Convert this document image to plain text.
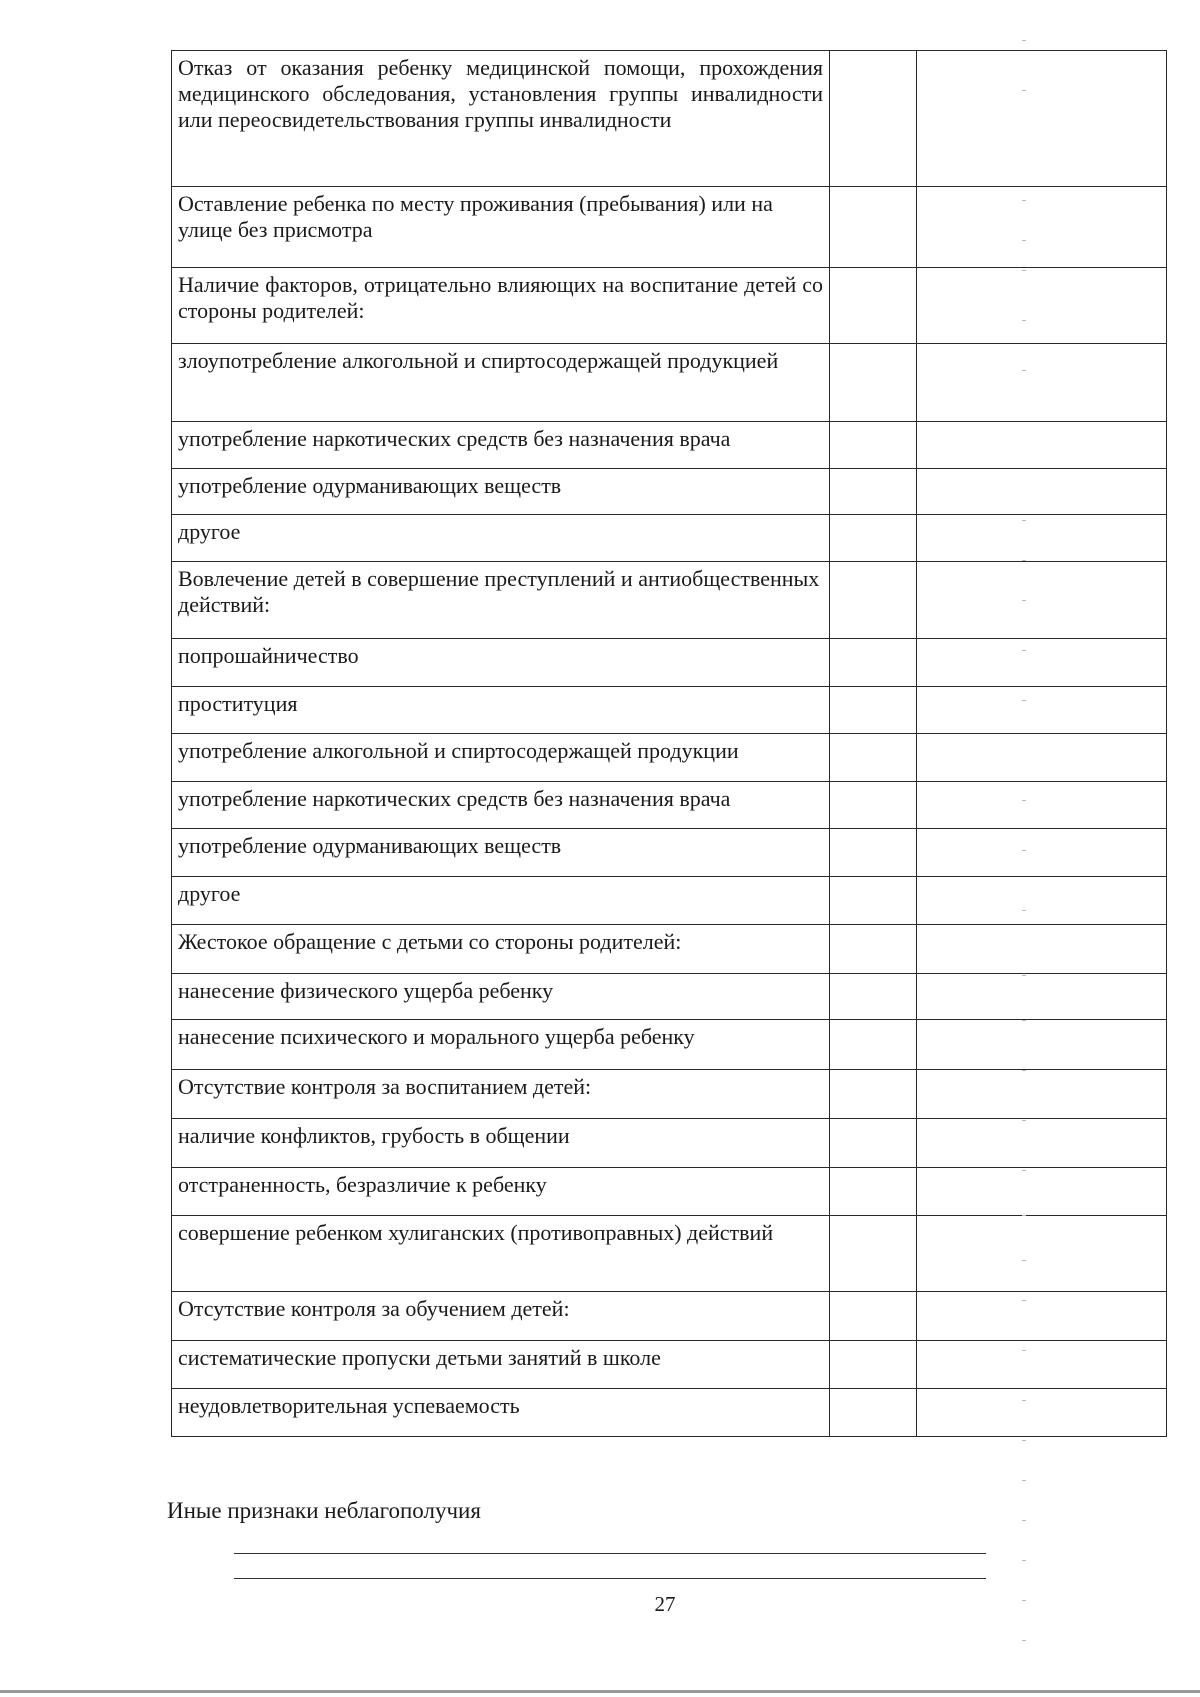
Отказ от оказания ребенку медицинской помощи, прохождения медицинского обследования, установления группы инвалидности или переосвидетельствования группы инвалидности		
Оставление ребенка по месту проживания (пребывания) или на улице без присмотра		
Наличие факторов, отрицательно влияющих на воспитание детей со стороны родителей:		
злоупотребление алкогольной и спиртосодержащей продукцией		
употребление наркотических средств без назначения врача		
употребление одурманивающих веществ		
другое		
Вовлечение детей в совершение преступлений и антиобщественных действий:		
попрошайничество		
проституция		
употребление алкогольной и спиртосодержащей продукции		
употребление наркотических средств без назначения врача		
употребление одурманивающих веществ		
другое		
Жестокое обращение с детьми со стороны родителей:		
нанесение физического ущерба ребенку		
нанесение психического и морального ущерба ребенку		
Отсутствие контроля за воспитанием детей:		
наличие конфликтов, грубость в общении		
отстраненность, безразличие к ребенку		
совершение ребенком хулиганских (противоправных) действий		
Отсутствие контроля за обучением детей:		
систематические пропуски детьми занятий в школе		
неудовлетворительная успеваемость		
Иные признаки неблагополучия
27
